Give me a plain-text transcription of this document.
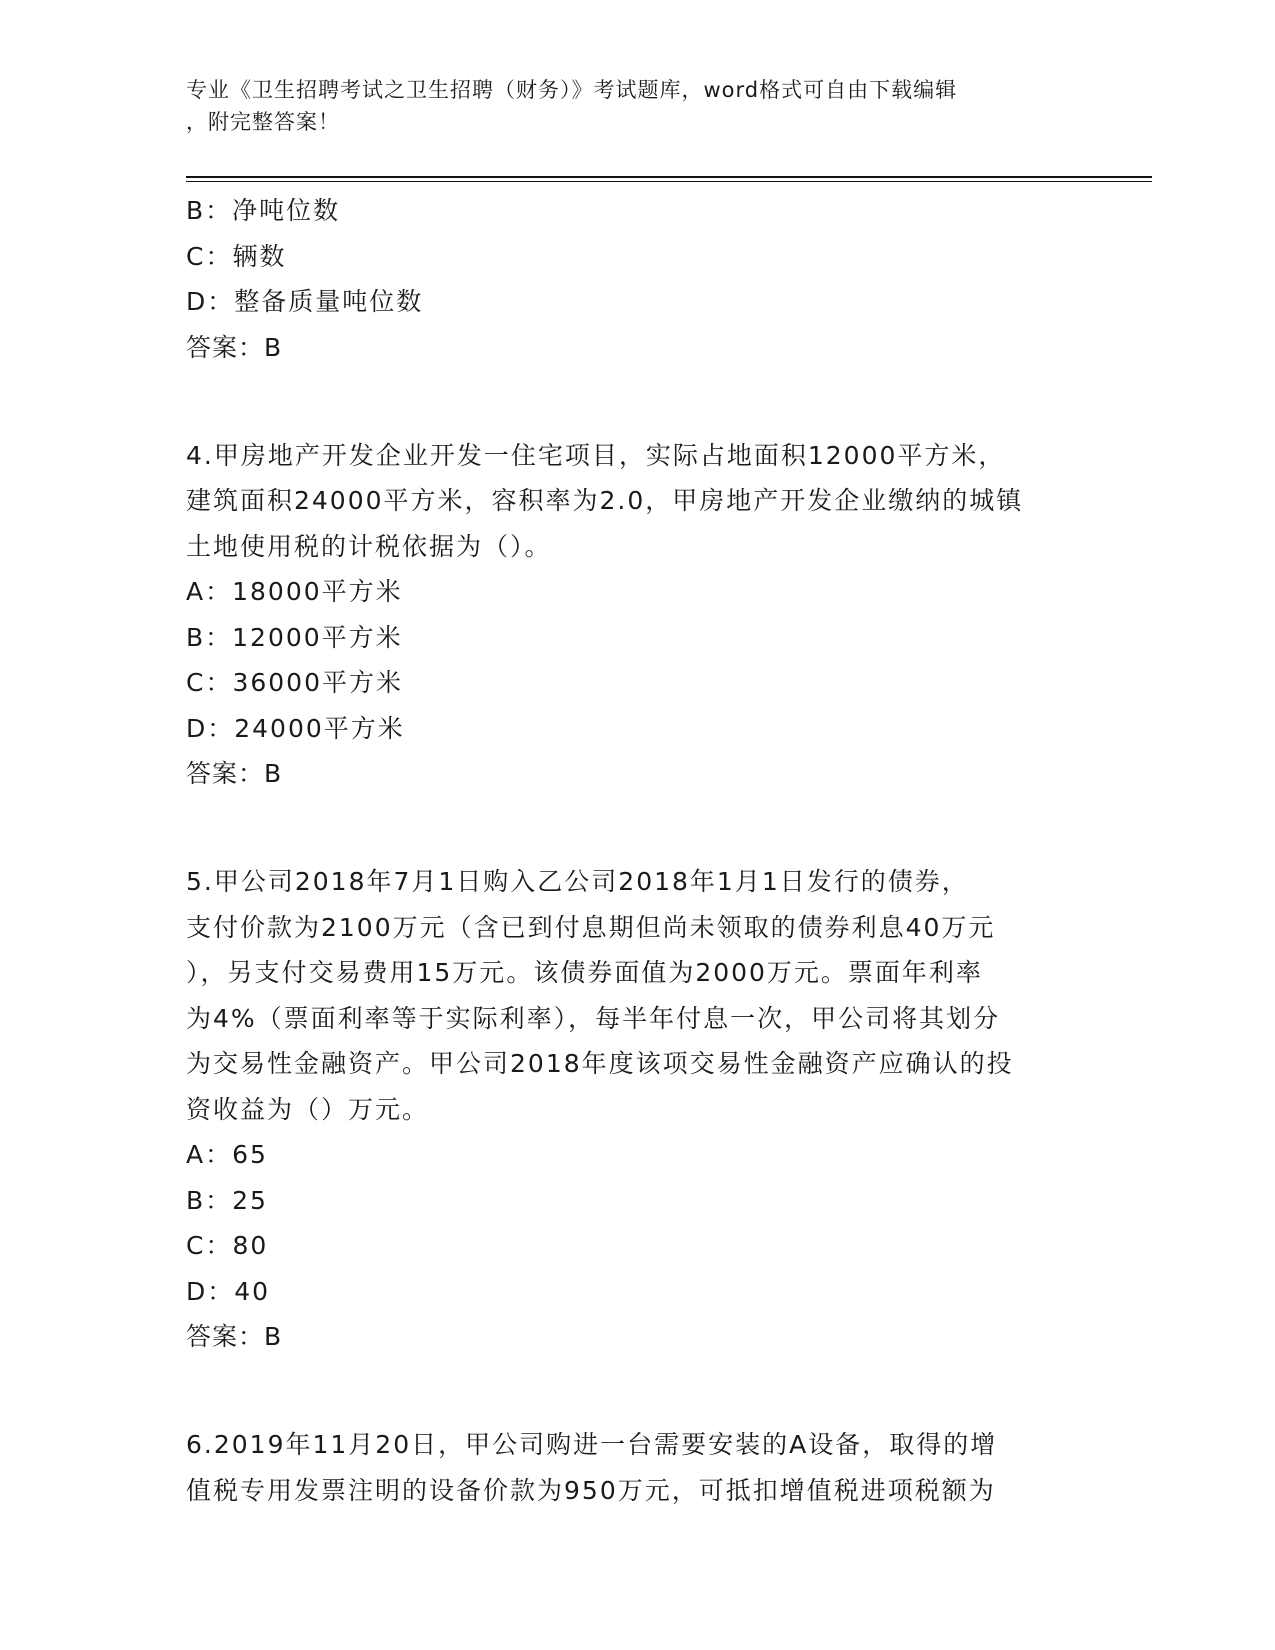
专业《卫生招聘考试之卫生招聘（财务）》考试题库，word格式可自由下载编辑
，附完整答案！
B：净吨位数
C：辆数
D：整备质量吨位数
答案：B
4.甲房地产开发企业开发一住宅项目，实际占地面积12000平方米，
建筑面积24000平方米，容积率为2.0，甲房地产开发企业缴纳的城镇
土地使用税的计税依据为（）。
A：18000平方米
B：12000平方米
C：36000平方米
D：24000平方米
答案：B
5.甲公司2018年7月1日购入乙公司2018年1月1日发行的债券，
支付价款为2100万元（含已到付息期但尚未领取的债券利息40万元
），另支付交易费用15万元。该债券面值为2000万元。票面年利率
为4%（票面利率等于实际利率），每半年付息一次，甲公司将其划分
为交易性金融资产。甲公司2018年度该项交易性金融资产应确认的投
资收益为（）万元。
A：65
B：25
C：80
D：40
答案：B
6.2019年11月20日，甲公司购进一台需要安装的A设备，取得的增
值税专用发票注明的设备价款为950万元，可抵扣增值税进项税额为
